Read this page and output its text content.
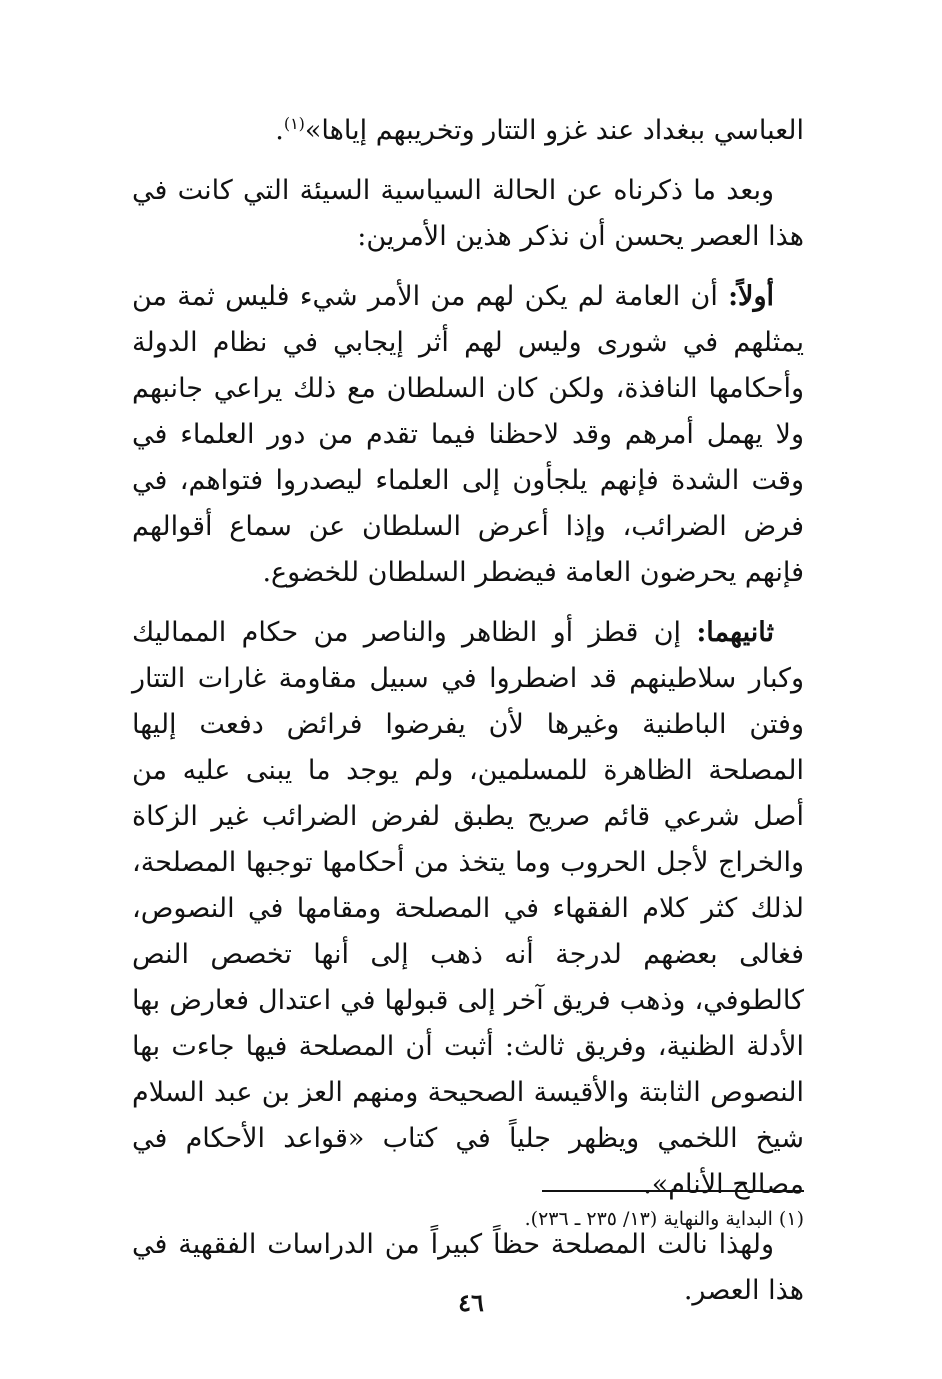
العباسي ببغداد عند غزو التتار وتخريبهم إياها»$^{(١)}$.

وبعد ما ذكرناه عن الحالة السياسية السيئة التي كانت في هذا العصر يحسن أن نذكر هذين الأمرين:

أولاً: أن العامة لم يكن لهم من الأمر شيء فليس ثمة من يمثلهم في شورى وليس لهم أثر إيجابي في نظام الدولة وأحكامها النافذة، ولكن كان السلطان مع ذلك يراعي جانبهم ولا يهمل أمرهم وقد لاحظنا فيما تقدم من دور العلماء في وقت الشدة فإنهم يلجأون إلى العلماء ليصدروا فتواهم، في فرض الضرائب، وإذا أعرض السلطان عن سماع أقوالهم فإنهم يحرضون العامة فيضطر السلطان للخضوع.

ثانيهما: إن قطز أو الظاهر والناصر من حكام المماليك وكبار سلاطينهم قد اضطروا في سبيل مقاومة غارات التتار وفتن الباطنية وغيرها لأن يفرضوا فرائض دفعت إليها المصلحة الظاهرة للمسلمين، ولم يوجد ما يبنى عليه من أصل شرعي قائم صريح يطبق لفرض الضرائب غير الزكاة والخراج لأجل الحروب وما يتخذ من أحكامها توجبها المصلحة، لذلك كثر كلام الفقهاء في المصلحة ومقامها في النصوص، فغالى بعضهم لدرجة أنه ذهب إلى أنها تخصص النص كالطوفي، وذهب فريق آخر إلى قبولها في اعتدال فعارض بها الأدلة الظنية، وفريق ثالث: أثبت أن المصلحة فيها جاءت بها النصوص الثابتة والأقيسة الصحيحة ومنهم العز بن عبد السلام شيخ اللخمي ويظهر جلياً في كتاب «قواعد الأحكام في مصالح الأنام».

ولهذا نالت المصلحة حظاً كبيراً من الدراسات الفقهية في هذا العصر.

(١) البداية والنهاية (١٣/ ٢٣٥ ـ ٢٣٦).
٤٦
